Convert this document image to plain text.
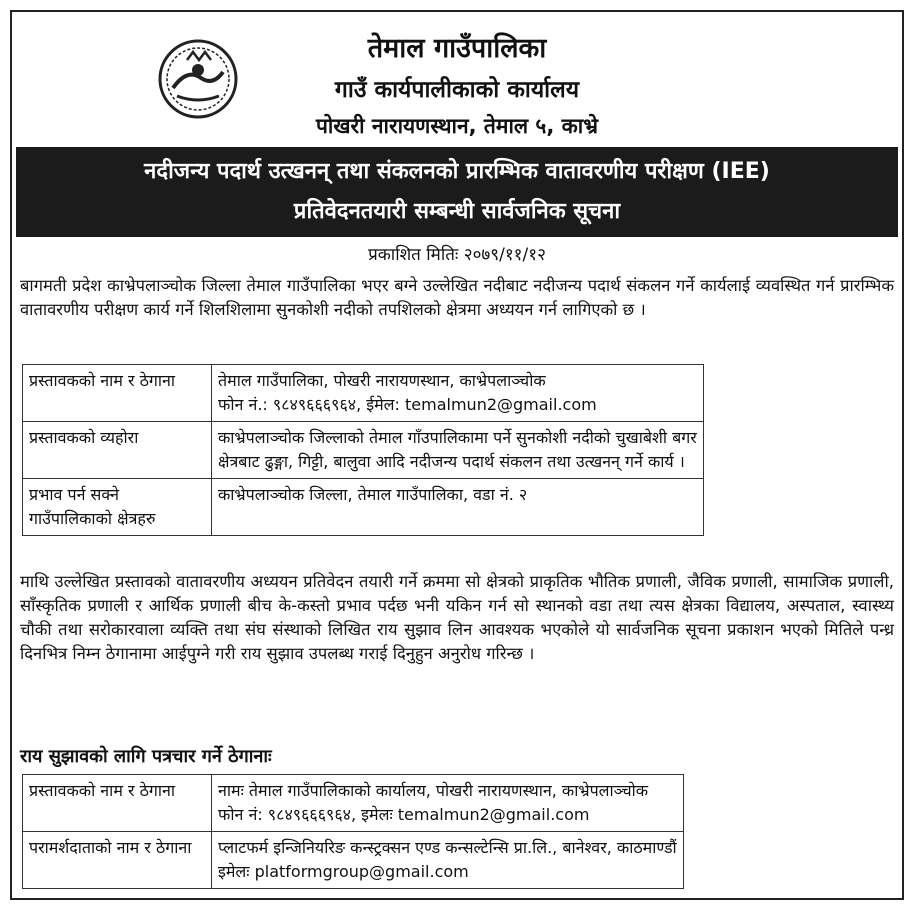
तेमाल गाउँपालिका
गाउँ कार्यपालीकाको कार्यालय
पोखरी नारायणस्थान, तेमाल ५, काभ्रे
नदीजन्य पदार्थ उत्खनन् तथा संकलनको प्रारम्भिक वातावरणीय परीक्षण (IEE)
प्रतिवेदनतयारी सम्बन्धी सार्वजनिक सूचना
प्रकाशित मितिः २०७९/११/१२
बागमती प्रदेश काभ्रेपलाञ्चोक जिल्ला तेमाल गाउँपालिका भएर बग्ने उल्लेखित नदीबाट नदीजन्य पदार्थ संकलन गर्ने कार्यलाई व्यवस्थित गर्न प्रारम्भिक वातावरणीय परीक्षण कार्य गर्ने शिलशिलामा सुनकोशी नदीको तपशिलको क्षेत्रमा अध्ययन गर्न लागिएको छ ।
प्रस्तावकको नाम र ठेगाना	तेमाल गाउँपालिका, पोखरी नारायणस्थान, काभ्रेपलाञ्चोक
फोन नं.: ९८४९६६६९६४, ईमेल: temalmun2@gmail.com

प्रस्तावकको व्यहोरा	काभ्रेपलाञ्चोक जिल्लाको तेमाल गाँउपालिकामा पर्ने सुनकोशी नदीको चुखाबेशी बगर
क्षेत्रबाट ढुङ्गा, गिट्टी, बालुवा आदि नदीजन्य पदार्थ संकलन तथा उत्खनन् गर्ने कार्य ।

प्रभाव पर्न सक्ने गाउँपालिकाको क्षेत्रहरु	काभ्रेपलाञ्चोक जिल्ला, तेमाल गाउँपालिका, वडा नं. २
माथि उल्लेखित प्रस्तावको वातावरणीय अध्ययन प्रतिवेदन तयारी गर्ने क्रममा सो क्षेत्रको प्राकृतिक भौतिक प्रणाली, जैविक प्रणाली, सामाजिक प्रणाली, साँस्कृतिक प्रणाली र आर्थिक प्रणाली बीच के-कस्तो प्रभाव पर्दछ भनी यकिन गर्न सो स्थानको वडा तथा त्यस क्षेत्रका विद्यालय, अस्पताल, स्वास्थ्य चौकी तथा सरोकारवाला व्यक्ति तथा संघ संस्थाको लिखित राय सुझाव लिन आवश्यक भएकोले यो सार्वजनिक सूचना प्रकाशन भएको मितिले पन्ध्र दिनभित्र निम्न ठेगानामा आईपुग्ने गरी राय सुझाव उपलब्ध गराई दिनुहुन अनुरोध गरिन्छ ।
राय सुझावको लागि पत्रचार गर्ने ठेगानाः
प्रस्तावकको नाम र ठेगाना	नामः तेमाल गाउँपालिकाको कार्यालय, पोखरी नारायणस्थान, काभ्रेपलाञ्चोक
फोन नं: ९८४९६६६९६४, इमेलः temalmun2@gmail.com

परामर्शदाताको नाम र ठेगाना	प्लाटफर्म इन्जिनियरिङ कन्स्ट्रक्सन एण्ड कन्सल्टेन्सि प्रा.लि., बानेश्वर, काठमाण्डौं
इमेलः platformgroup@gmail.com
